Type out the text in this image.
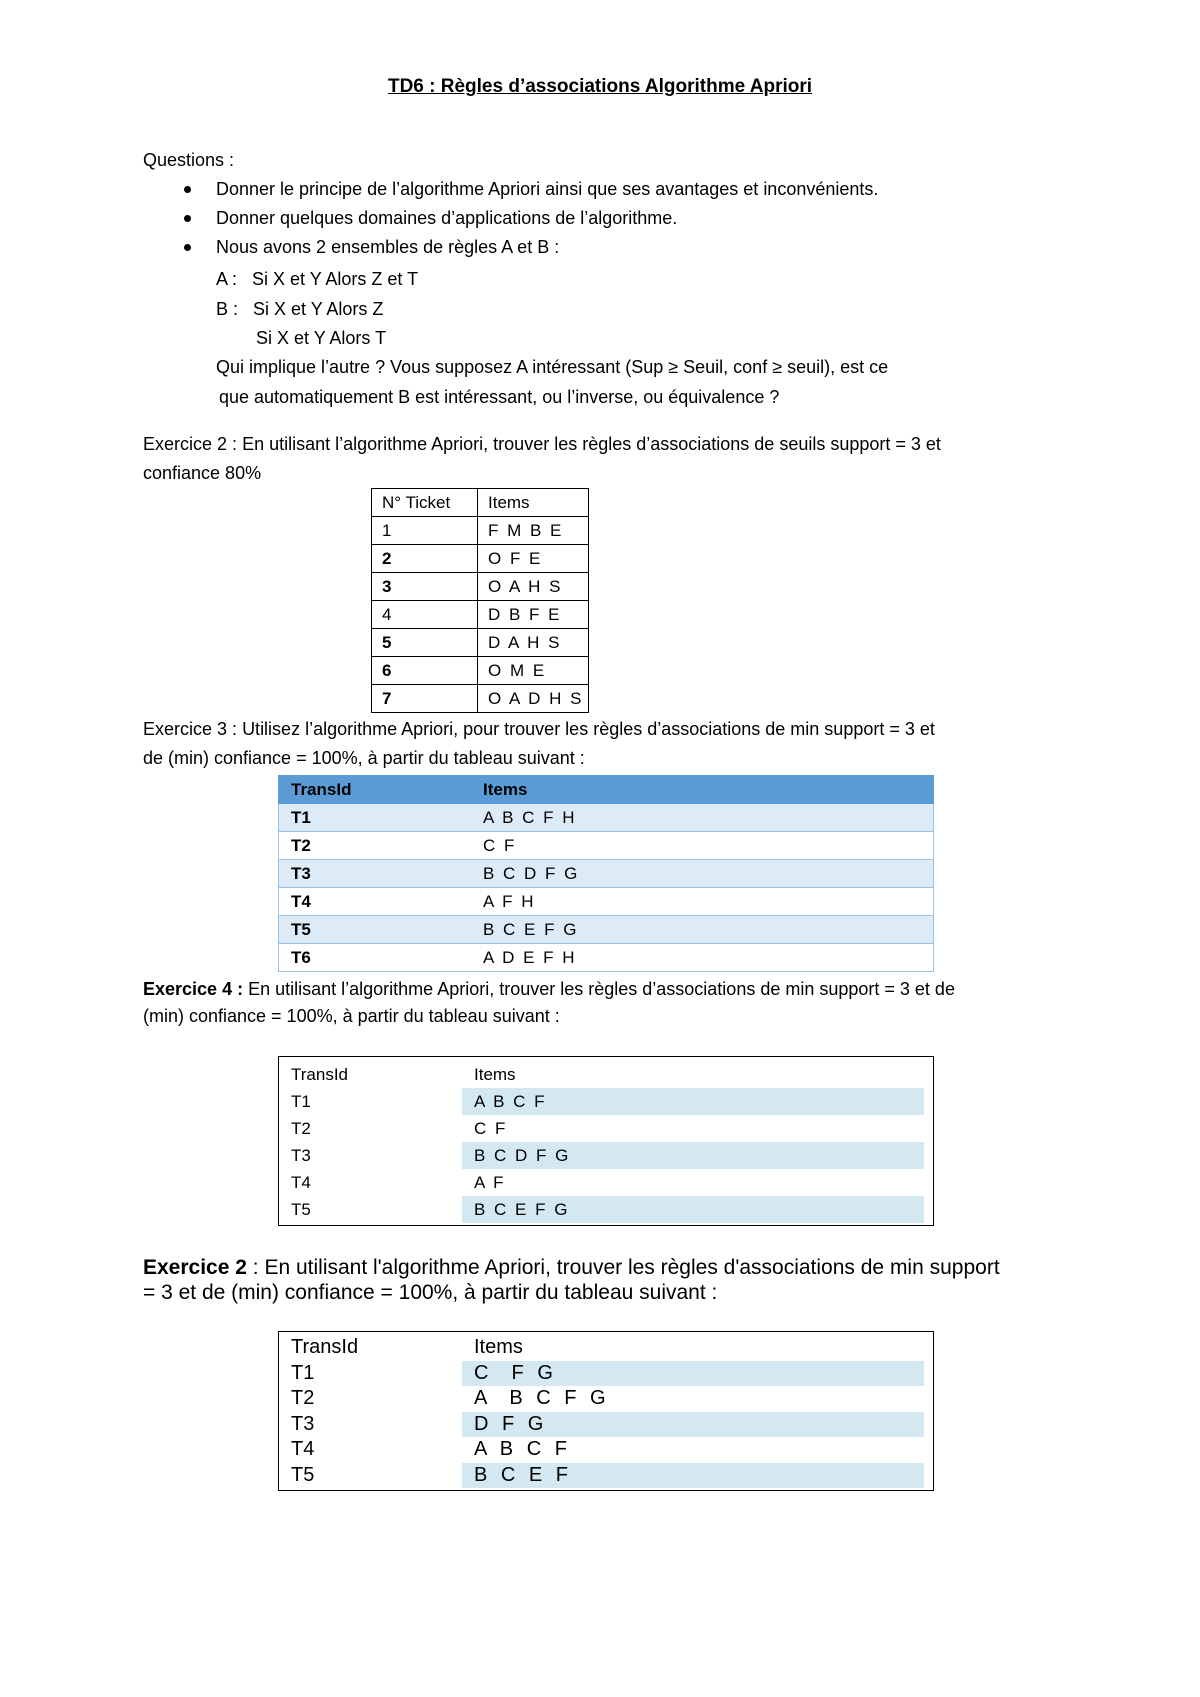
TD6 : Règles d’associations Algorithme Apriori
Questions :
Donner le principe de l’algorithme Apriori ainsi que ses avantages et inconvénients.
Donner quelques domaines d’applications de l’algorithme.
Nous avons 2 ensembles de règles A et B :
A :   Si X et Y Alors Z et T
B :   Si X et Y Alors Z
Si X et Y Alors T
Qui implique l’autre ? Vous supposez A intéressant (Sup ≥ Seuil, conf ≥ seuil), est ce
que automatiquement B est intéressant, ou l’inverse, ou équivalence ?
Exercice 2 : En utilisant l’algorithme Apriori, trouver les règles d’associations de seuils support = 3 et
confiance 80%
N° Ticket	Items
1	F M B E
2	O F E
3	O A H S
4	D B F E
5	D A H S
6	O M E
7	O A D H S
Exercice 3 : Utilisez l’algorithme Apriori, pour trouver les règles d’associations de min support = 3 et
de (min) confiance = 100%, à partir du tableau suivant :
TransId	Items
T1	A B C F H
T2	C F
T3	B C D F G
T4	A F H
T5	B C E F G
T6	A D E F H
Exercice 4 : En utilisant l’algorithme Apriori, trouver les règles d’associations de min support = 3 et de
(min) confiance = 100%, à partir du tableau suivant :
TransId	Items
T1	A B C F
T2	C F
T3	B C D F G
T4	A F
T5	B C E F G
Exercice 2 : En utilisant l'algorithme Apriori, trouver les règles d'associations de min support
= 3 et de (min) confiance = 100%, à partir du tableau suivant :
TransId	Items
T1	C  F G
T2	A  B C F G
T3	D F G
T4	A B C F
T5	B C E F
